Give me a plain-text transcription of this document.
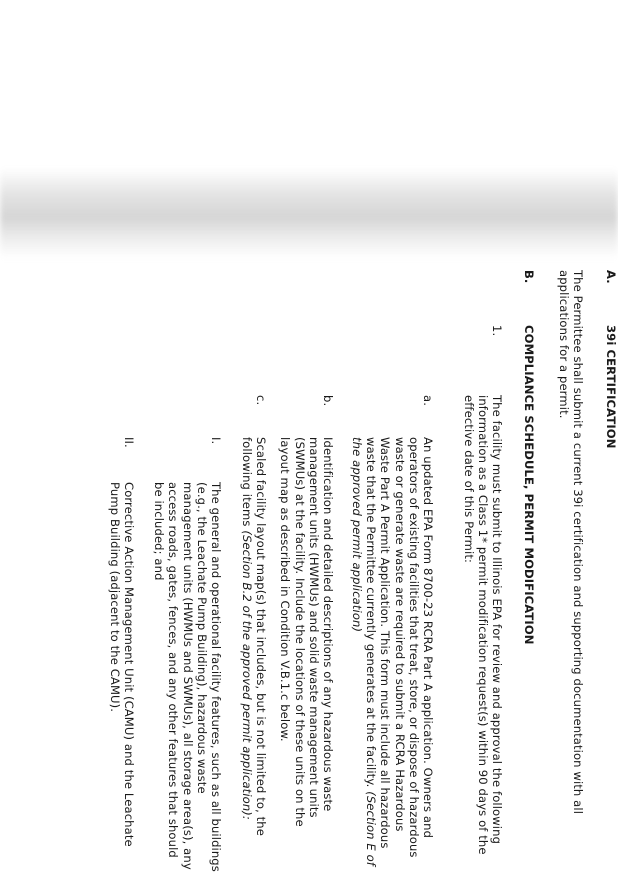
A.
39i CERTIFICATION

The Permittee shall submit a current 39i certification and supporting documentation with all applications for a permit.

B.
COMPLIANCE SCHEDULE, PERMIT MODIFICATION
1.

The facility must submit to Illinois EPA for review and approval the following information as a Class 1* permit modification request(s) within 90 days of the effective date of this Permit:

a.

An updated EPA Form 8700-23 RCRA Part A application. Owners and operators of existing facilities that treat, store, or dispose of hazardous waste or generate waste are required to submit a RCRA Hazardous Waste Part A Permit Application. This form must include all hazardous waste that the Permittee currently generates at the facility. (Section E of the approved permit application)

b.

Identification and detailed descriptions of any hazardous waste management units (HWMUs) and solid waste management units (SWMUs) at the facility. Include the locations of these units on the layout map as described in Condition V.B.1.c below.

c.

Scaled facility layout map(s) that includes, but is not limited to, the following items (Section B.2 of the approved permit application):

I.

The general and operational facility features, such as all buildings (e.g., the Leachate Pump Building), hazardous waste management units (HWMUs and SWMUs), all storage area(s), any access roads, gates, fences, and any other features that should be included; and

II.

Corrective Action Management Unit (CAMU) and the Leachate Pump Building (adjacent to the CAMU).
